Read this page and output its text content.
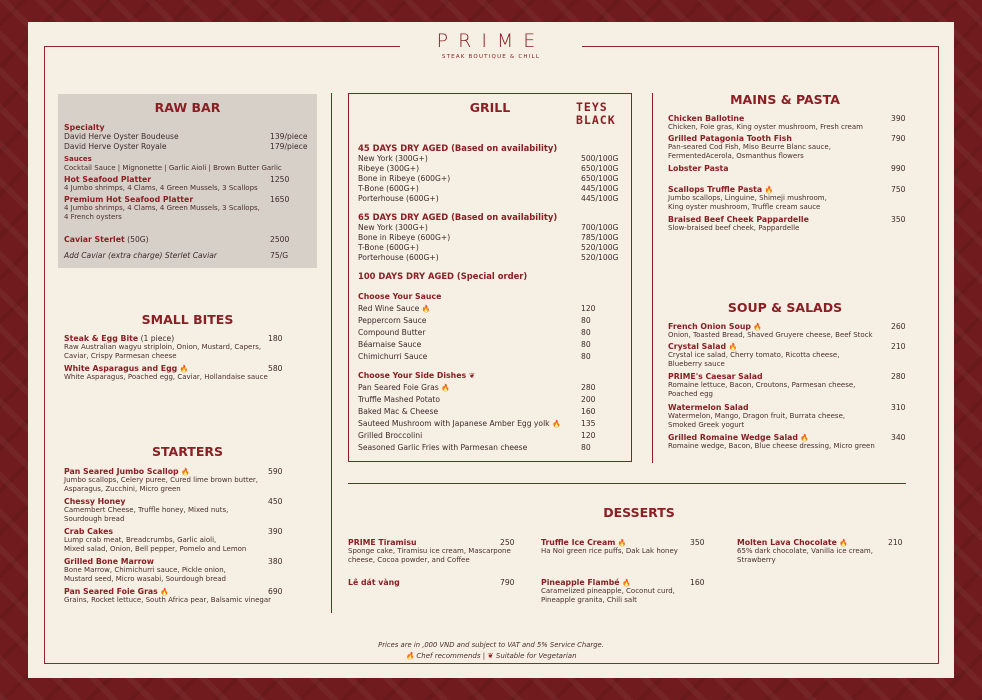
PRIME
STEAK BOUTIQUE & CHILL
RAW BAR
Specialty
David Herve Oyster Boudeuse	139/piece
David Herve Oyster Royale	179/piece
Sauces
Cocktail Sauce | Mignonette | Garlic Aioli | Brown Butter Garlic
Hot Seafood Platter	1250
4 Jumbo shrimps, 4 Clams, 4 Green Mussels, 3 Scallops
Premium Hot Seafood Platter	1650
4 Jumbo shrimps, 4 Clams, 4 Green Mussels, 3 Scallops,
4 French oysters
Caviar Sterlet (50G)	2500
Add Caviar (extra charge) Sterlet Caviar	75/G
SMALL BITES
Steak & Egg Bite (1 piece)	180
Raw Australian wagyu striploin, Onion, Mustard, Capers,
Caviar, Crispy Parmesan cheese
White Asparagus and Egg 🔥	580
White Asparagus, Poached egg, Caviar, Hollandaise sauce
STARTERS
Pan Seared Jumbo Scallop 🔥	590
Jumbo scallops, Celery puree, Cured lime brown butter,
Asparagus, Zucchini, Micro green
Chessy Honey	450
Camembert Cheese, Truffle honey, Mixed nuts,
Sourdough bread
Crab Cakes	390
Lump crab meat, Breadcrumbs, Garlic aioli,
Mixed salad, Onion, Bell pepper, Pomelo and Lemon
Grilled Bone Marrow	380
Bone Marrow, Chimichurri sauce, Pickle onion,
Mustard seed, Micro wasabi, Sourdough bread
Pan Seared Foie Gras 🔥	690
Grains, Rocket lettuce, South Africa pear, Balsamic vinegar
GRILL	TEYS
BLACK
45 DAYS DRY AGED (Based on availability)
New York (300G+)	500/100G
Ribeye (300G+)	650/100G
Bone in Ribeye (600G+)	650/100G
T-Bone (600G+)	445/100G
Porterhouse (600G+)	445/100G
65 DAYS DRY AGED (Based on availability)
New York (300G+)	700/100G
Bone in Ribeye (600G+)	785/100G
T-Bone (600G+)	520/100G
Porterhouse (600G+)	520/100G
100 DAYS DRY AGED (Special order)
Choose Your Sauce
Red Wine Sauce 🔥	120
Peppercorn Sauce	80
Compound Butter	80
Béarnaise Sauce	80
Chimichurri Sauce	80
Choose Your Side Dishes ❦
Pan Seared Foie Gras 🔥	280
Truffle Mashed Potato	200
Baked Mac & Cheese	160
Sauteed Mushroom with Japanese Amber Egg yolk 🔥	135
Grilled Broccolini	120
Seasoned Garlic Fries with Parmesan cheese	80
MAINS & PASTA
Chicken Ballotine	390
Chicken, Foie gras, King oyster mushroom, Fresh cream
Grilled Patagonia Tooth Fish	790
Pan-seared Cod Fish, Miso Beurre Blanc sauce,
FermentedAcerola, Osmanthus flowers
Lobster Pasta	990
Scallops Truffle Pasta 🔥	750
Jumbo scallops, Linguine, Shimeji mushroom,
King oyster mushroom, Truffle cream sauce
Braised Beef Cheek Pappardelle	350
Slow-braised beef cheek, Pappardelle
SOUP & SALADS
French Onion Soup 🔥	260
Onion, Toasted Bread, Shaved Gruyere cheese, Beef Stock
Crystal Salad 🔥	210
Crystal ice salad, Cherry tomato, Ricotta cheese,
Blueberry sauce
PRIME's Caesar Salad	280
Romaine lettuce, Bacon, Croutons, Parmesan cheese,
Poached egg
Watermelon Salad	310
Watermelon, Mango, Dragon fruit, Burrata cheese,
Smoked Greek yogurt
Grilled Romaine Wedge Salad 🔥	340
Romaine wedge, Bacon, Blue cheese dressing, Micro green
DESSERTS
PRIME Tiramisu	250
Sponge cake, Tiramisu ice cream, Mascarpone
cheese, Cocoa powder, and Coffee
Lê dát vàng	790
Truffle Ice Cream 🔥	350
Ha Noi green rice puffs, Dak Lak honey
Pineapple Flambé 🔥	160
Caramelized pineapple, Coconut curd,
Pineapple granita, Chili salt
Molten Lava Chocolate 🔥	210
65% dark chocolate, Vanilla ice cream,
Strawberry
Prices are in ,000 VND and subject to VAT and 5% Service Charge.
🔥 Chef recommends | ❦ Suitable for Vegetarian
